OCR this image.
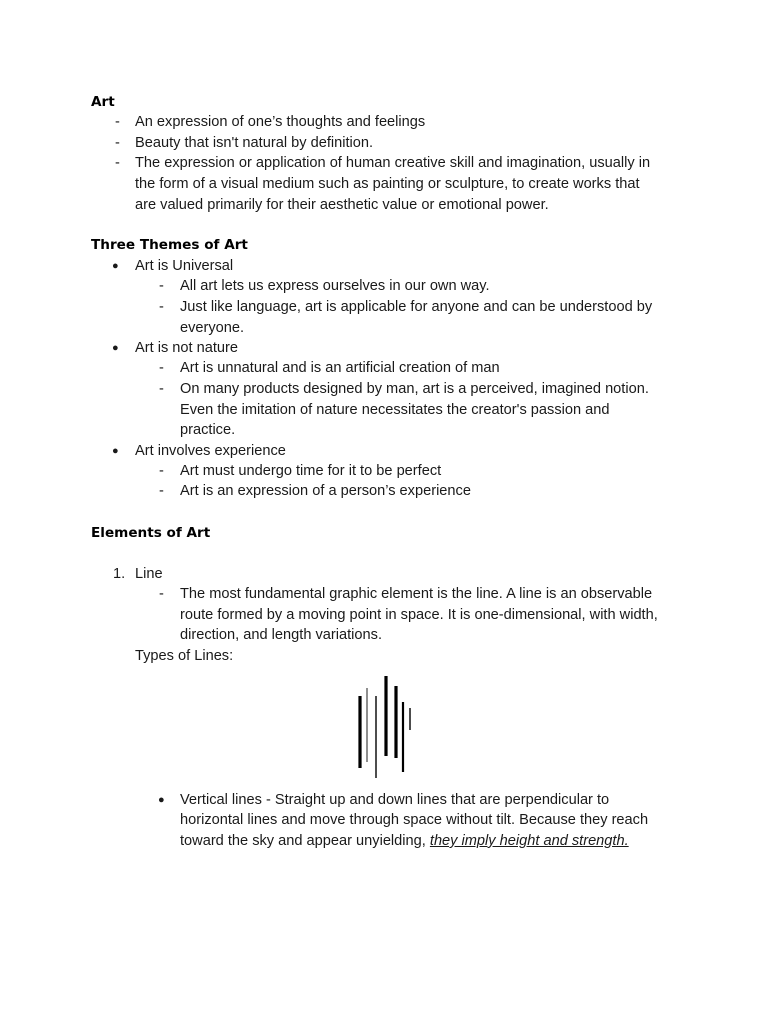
Art
- An expression of one’s thoughts and feelings
- Beauty that isn't natural by definition.
- The expression or application of human creative skill and imagination, usually in
the form of a visual medium such as painting or sculpture, to create works that
are valued primarily for their aesthetic value or emotional power.
Three Themes of Art
● Art is Universal
- All art lets us express ourselves in our own way.
- Just like language, art is applicable for anyone and can be understood by
everyone.
● Art is not nature
- Art is unnatural and is an artificial creation of man
- On many products designed by man, art is a perceived, imagined notion.
Even the imitation of nature necessitates the creator's passion and
practice.
● Art involves experience
- Art must undergo time for it to be perfect
- Art is an expression of a person’s experience
Elements of Art
1. Line
- The most fundamental graphic element is the line. A line is an observable
route formed by a moving point in space. It is one-dimensional, with width,
direction, and length variations.
Types of Lines:
● Vertical lines - Straight up and down lines that are perpendicular to
horizontal lines and move through space without tilt. Because they reach
toward the sky and appear unyielding, they imply height and strength.
